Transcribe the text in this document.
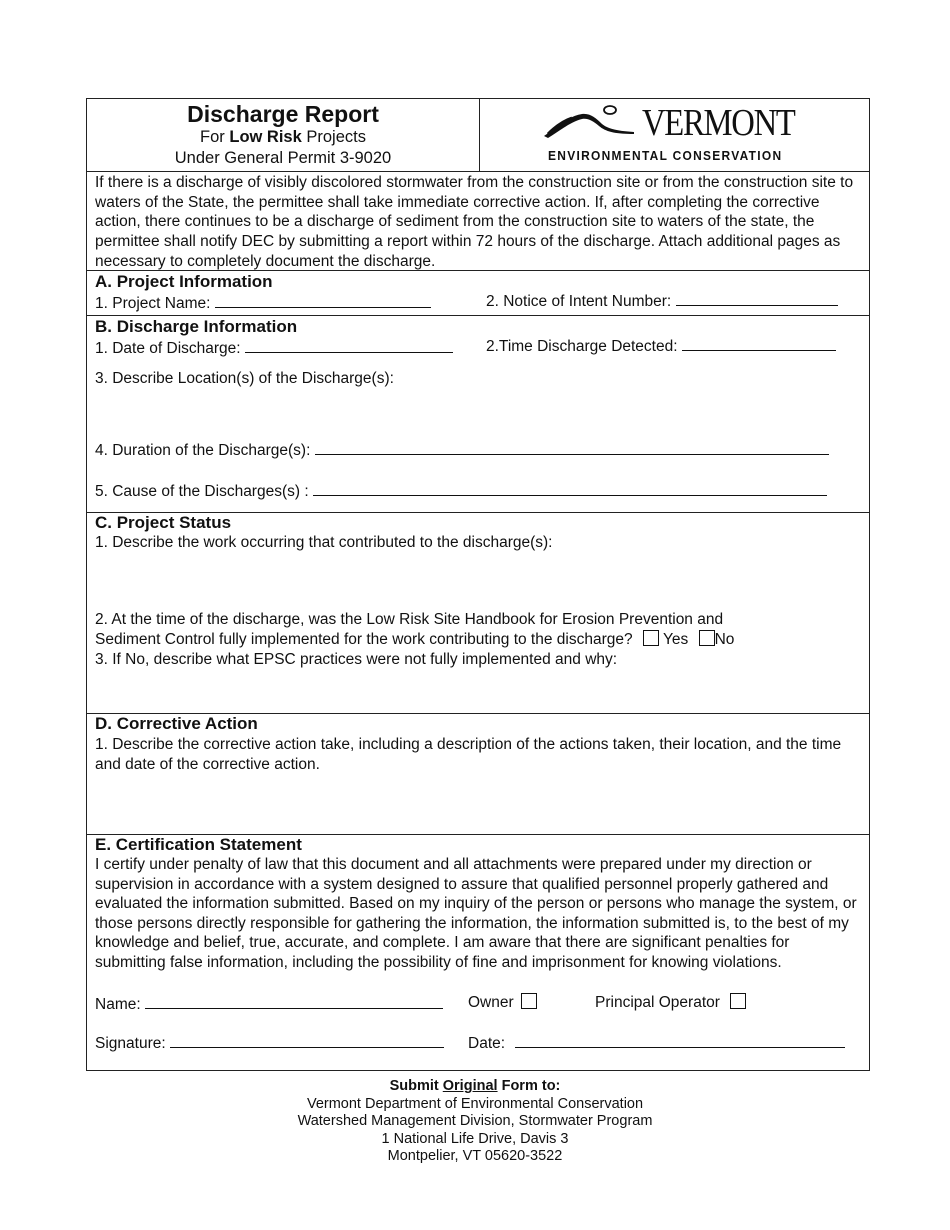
Discharge Report
For Low Risk Projects
Under General Permit 3-9020
VERMONT
ENVIRONMENTAL CONSERVATION
If there is a discharge of visibly discolored stormwater from the construction site or from the construction site to waters of the State, the permittee shall take immediate corrective action. If, after completing the corrective action, there continues to be a discharge of sediment from the construction site to waters of the state, the permittee shall notify DEC by submitting a report within 72 hours of the discharge. Attach additional pages as necessary to completely document the discharge.
A. Project Information
1. Project Name:	2. Notice of Intent Number:
B. Discharge Information
1. Date of Discharge:	2.Time Discharge Detected:
3. Describe Location(s) of the Discharge(s):
4. Duration of the Discharge(s):
5. Cause of the Discharges(s) :
C. Project Status
1. Describe the work occurring that contributed to the discharge(s):
2. At the time of the discharge, was the Low Risk Site Handbook for Erosion Prevention and
Sediment Control fully implemented for the work contributing to the discharge? Yes No
3. If No, describe what EPSC practices were not fully implemented and why:
D. Corrective Action
1. Describe the corrective action take, including a description of the actions taken, their location, and the time and date of the corrective action.
E. Certification Statement
I certify under penalty of law that this document and all attachments were prepared under my direction or supervision in accordance with a system designed to assure that qualified personnel properly gathered and evaluated the information submitted. Based on my inquiry of the person or persons who manage the system, or those persons directly responsible for gathering the information, the information submitted is, to the best of my knowledge and belief, true, accurate, and complete. I am aware that there are significant penalties for submitting false information, including the possibility of fine and imprisonment for knowing violations.
Name:	Owner	Principal Operator
Signature:	Date:
Submit Original Form to:
Vermont Department of Environmental Conservation
Watershed Management Division, Stormwater Program
1 National Life Drive, Davis 3
Montpelier, VT 05620-3522
